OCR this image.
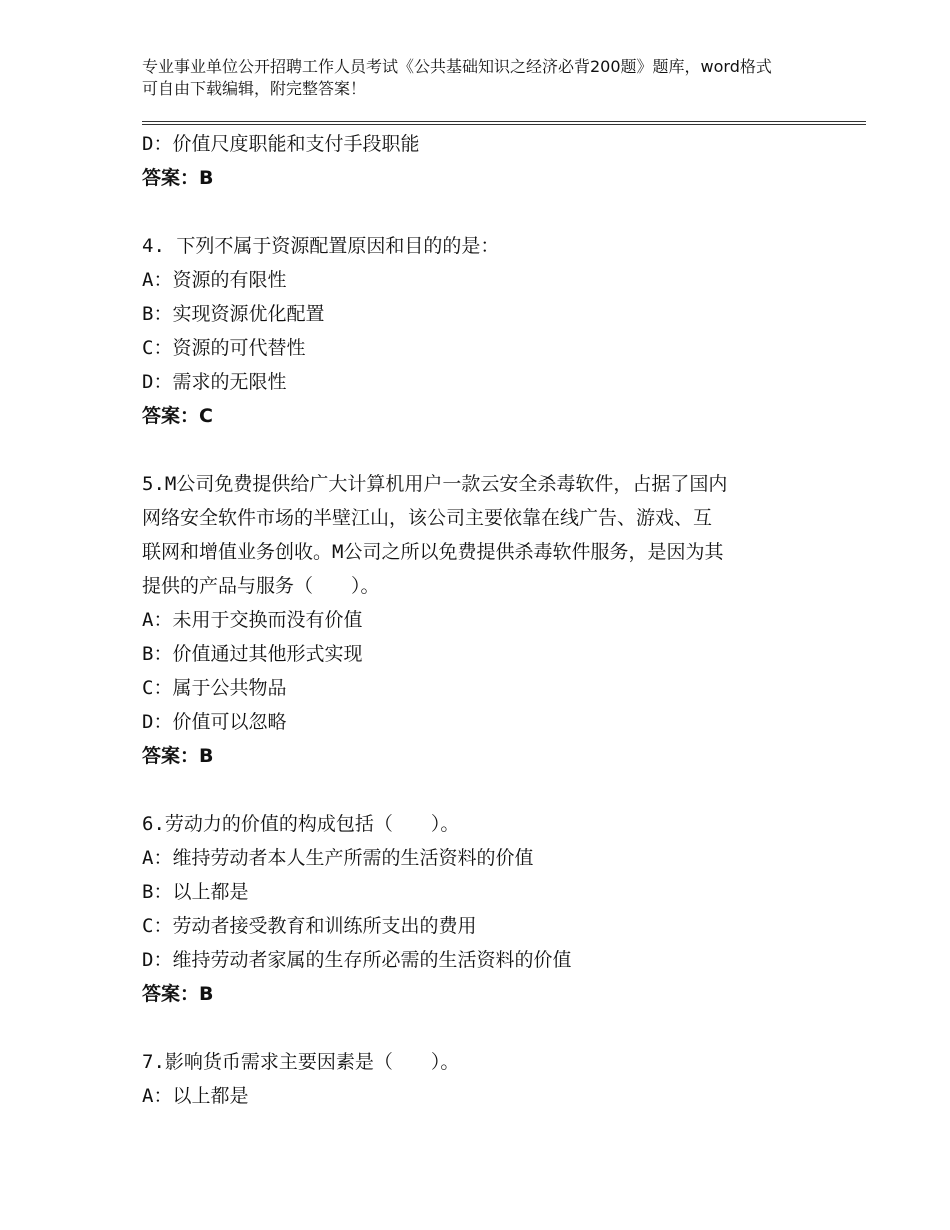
专业事业单位公开招聘工作人员考试《公共基础知识之经济必背200题》题库，word格式可自由下载编辑，附完整答案！
D：价值尺度职能和支付手段职能
答案：B
4. 下列不属于资源配置原因和目的的是：
A：资源的有限性
B：实现资源优化配置
C：资源的可代替性
D：需求的无限性
答案：C
5.M公司免费提供给广大计算机用户一款云安全杀毒软件，占据了国内
网络安全软件市场的半壁江山，该公司主要依靠在线广告、游戏、互
联网和增值业务创收。M公司之所以免费提供杀毒软件服务，是因为其
提供的产品与服务（　　）。
A：未用于交换而没有价值
B：价值通过其他形式实现
C：属于公共物品
D：价值可以忽略
答案：B
6.劳动力的价值的构成包括（　　）。
A：维持劳动者本人生产所需的生活资料的价值
B：以上都是
C：劳动者接受教育和训练所支出的费用
D：维持劳动者家属的生存所必需的生活资料的价值
答案：B
7.影响货币需求主要因素是（　　）。
A：以上都是
